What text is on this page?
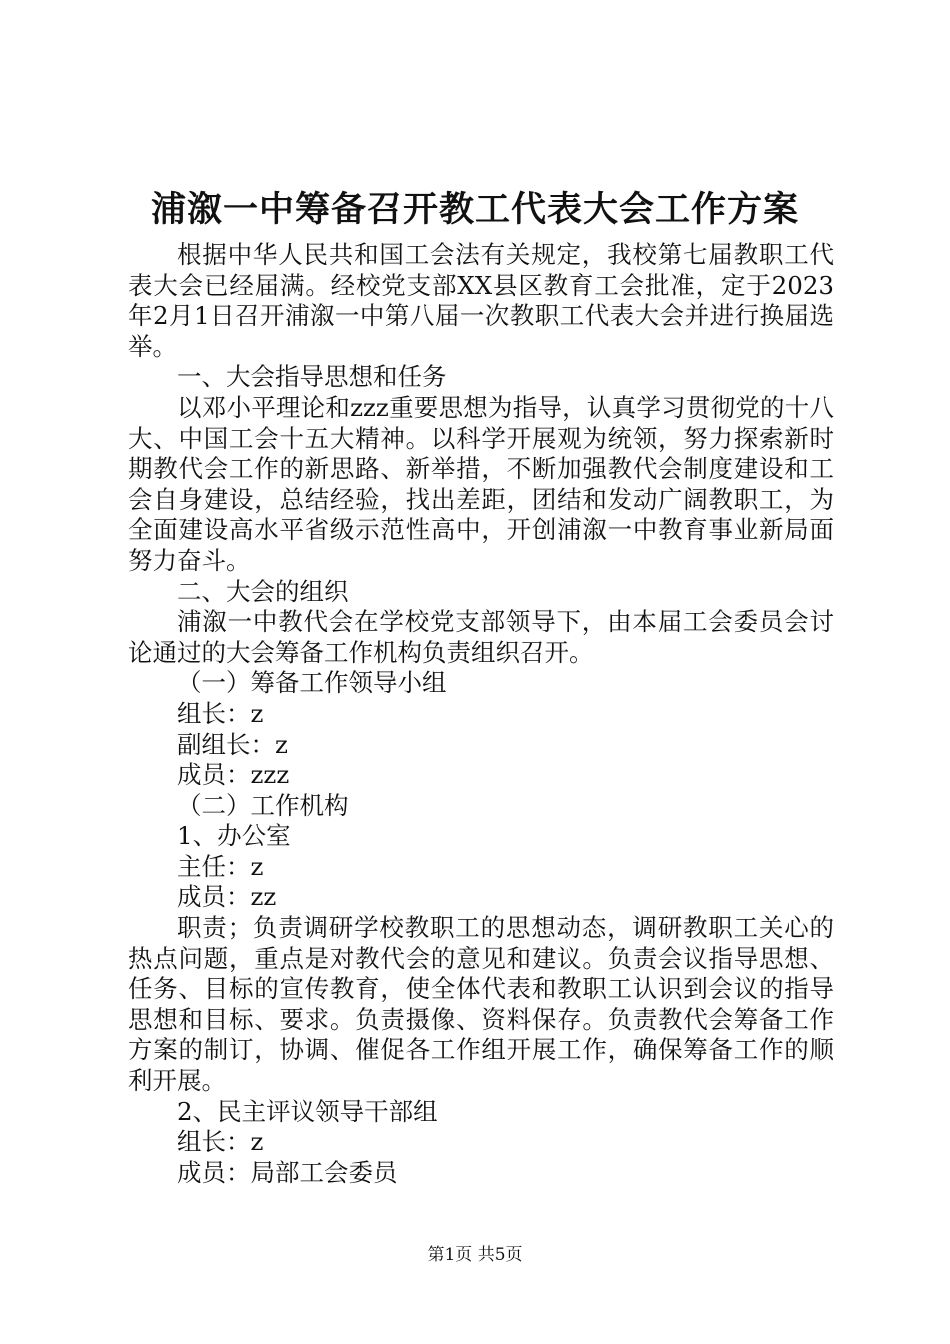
浦溆一中筹备召开教工代表大会工作方案

根据中华人民共和国工会法有关规定，我校第七届教职工代表大会已经届满。经校党支部XX县区教育工会批准，定于2023年2月1日召开浦溆一中第八届一次教职工代表大会并进行换届选举。

一、大会指导思想和任务

以邓小平理论和zzz重要思想为指导，认真学习贯彻党的十八大、中国工会十五大精神。以科学开展观为统领，努力探索新时期教代会工作的新思路、新举措，不断加强教代会制度建设和工会自身建设，总结经验，找出差距，团结和发动广阔教职工，为全面建设高水平省级示范性高中，开创浦溆一中教育事业新局面努力奋斗。

二、大会的组织

浦溆一中教代会在学校党支部领导下，由本届工会委员会讨论通过的大会筹备工作机构负责组织召开。

（一）筹备工作领导小组

组长：z

副组长：z

成员：zzz

（二）工作机构

1、办公室

主任：z

成员：zz

职责；负责调研学校教职工的思想动态，调研教职工关心的热点问题，重点是对教代会的意见和建议。负责会议指导思想、任务、目标的宣传教育，使全体代表和教职工认识到会议的指导思想和目标、要求。负责摄像、资料保存。负责教代会筹备工作方案的制订，协调、催促各工作组开展工作，确保筹备工作的顺利开展。

2、民主评议领导干部组

组长：z

成员：局部工会委员

第1页 共5页
